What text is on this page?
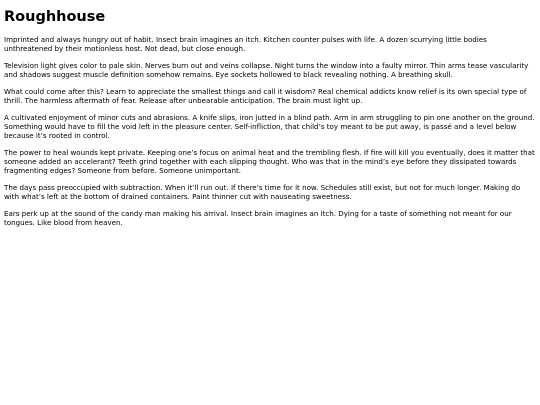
Roughhouse

Imprinted and always hungry out of habit. Insect brain imagines an itch. Kitchen counter pulses with life. A dozen scurrying little bodies unthreatened by their motionless host. Not dead, but close enough.

Television light gives color to pale skin. Nerves burn out and veins collapse. Night turns the window into a faulty mirror. Thin arms tease vascularity and shadows suggest muscle definition somehow remains. Eye sockets hollowed to black revealing nothing. A breathing skull.

What could come after this? Learn to appreciate the smallest things and call it wisdom? Real chemical addicts know relief is its own special type of thrill. The harmless aftermath of fear. Release after unbearable anticipation. The brain must light up.

A cultivated enjoyment of minor cuts and abrasions. A knife slips, iron jutted in a blind path. Arm in arm struggling to pin one another on the ground. Something would have to fill the void left in the pleasure center. Self-infliction, that child’s toy meant to be put away, is passé and a level below because it’s rooted in control.

The power to heal wounds kept private. Keeping one’s focus on animal heat and the trembling flesh. If fire will kill you eventually, does it matter that someone added an accelerant? Teeth grind together with each slipping thought. Who was that in the mind’s eye before they dissipated towards fragmenting edges? Someone from before. Someone unimportant.

The days pass preoccupied with subtraction. When it’ll run out. If there’s time for it now. Schedules still exist, but not for much longer. Making do with what’s left at the bottom of drained containers. Paint thinner cut with nauseating sweetness.

Ears perk up at the sound of the candy man making his arrival. Insect brain imagines an itch. Dying for a taste of something not meant for our tongues. Like blood from heaven.
